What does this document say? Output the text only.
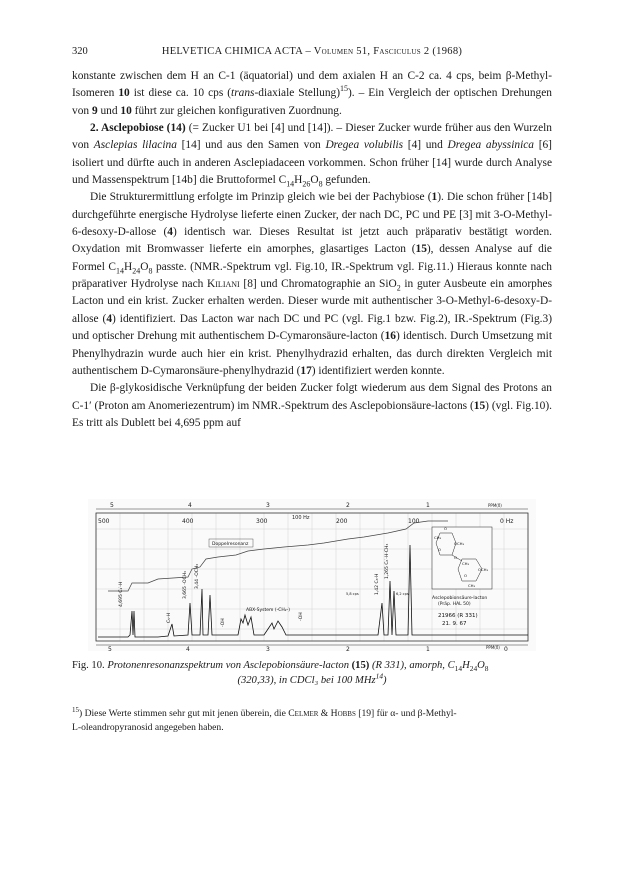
320	HELVETICA CHIMICA ACTA – Volumen 51, Fasciculus 2 (1968)

konstante zwischen dem H an C-1 (äquatorial) und dem axialen H an C-2 ca. 4 cps, beim β-Methyl-Isomeren 10 ist diese ca. 10 cps (trans-diaxiale Stellung)$^{15}$). – Ein Vergleich der optischen Drehungen von 9 und 10 führt zur gleichen konfigurativen Zuordnung.

2. Asclepobiose (14) (= Zucker U1 bei [4] und [14]). – Dieser Zucker wurde früher aus den Wurzeln von Asclepias lilacina [14] und aus den Samen von Dregea volubilis [4] und Dregea abyssinica [6] isoliert und dürfte auch in anderen Asclepiadaceen vorkommen. Schon früher [14] wurde durch Analyse und Massenspektrum [14b] die Bruttoformel $C_{14}H_{26}O_8$ gefunden.

Die Strukturermittlung erfolgte im Prinzip gleich wie bei der Pachybiose (1). Die schon früher [14b] durchgeführte energische Hydrolyse lieferte einen Zucker, der nach DC, PC und PE [3] mit 3-O-Methyl-6-desoxy-D-allose (4) identisch war. Dieses Resultat ist jetzt auch präparativ bestätigt worden. Oxydation mit Bromwasser lieferte ein amorphes, glasartiges Lacton (15), dessen Analyse auf die Formel $C_{14}H_{24}O_8$ passte. (NMR.-Spektrum vgl. Fig.10, IR.-Spektrum vgl. Fig.11.) Hieraus konnte nach präparativer Hydrolyse nach Kiliani [8] und Chromatographie an SiO$_2$ in guter Ausbeute ein amorphes Lacton und ein krist. Zucker erhalten werden. Dieser wurde mit authentischer 3-O-Methyl-6-desoxy-D-allose (4) identifiziert. Das Lacton war nach DC und PC (vgl. Fig.1 bzw. Fig.2), IR.-Spektrum (Fig.3) und optischer Drehung mit authentischem D-Cymaronsäure-lacton (16) identisch. Durch Umsetzung mit Phenylhydrazin wurde auch hier ein krist. Phenylhydrazid erhalten, das durch direkten Vergleich mit authentischem D-Cymaronsäure-phenylhydrazid (17) identifiziert werden konnte.

Die β-glykosidische Verknüpfung der beiden Zucker folgt wiederum aus dem Signal des Protons an C-1′ (Proton am Anomeriezentrum) im NMR.-Spektrum des Asclepobionsäure-lactons (15) (vgl. Fig.10). Es tritt als Dublett bei 4,695 ppm auf

5	4	3	2	1	PPM(δ)
500	400	300	200	100	0 Hz
100 Hz
5	4	3	2	1	0
PPM(δ)
Doppelresonanz
4,695 C₁′-H
C₅-H
3,665 -OCH₃ 3,44 -OCH₃
-OH
-OH
ABX-System (-CH₂-)
1,42 C₆-H
1,265 C₆′-H-CH₃
5,8 cps	6,2 cps
Asclepobionsäure-lacton
(Präp. HAL 50)
21966 (R 331)
21. 9. 67
O
CH₃
OCH₃
O
O
CH₃
OCH₃
O
CH₃
Fig. 10. Protonenresonanzspektrum von Asclepobionsäure-lacton (15) (R 331), amorph, $C_{14}H_{24}O_8$
(320,33), in CDCl₃ bei 100 MHz$^{14}$)
$^{15}$) Diese Werte stimmen sehr gut mit jenen überein, die Celmer & Hobbs [19] für α- und β-Methyl-
L-oleandropyranosid angegeben haben.
